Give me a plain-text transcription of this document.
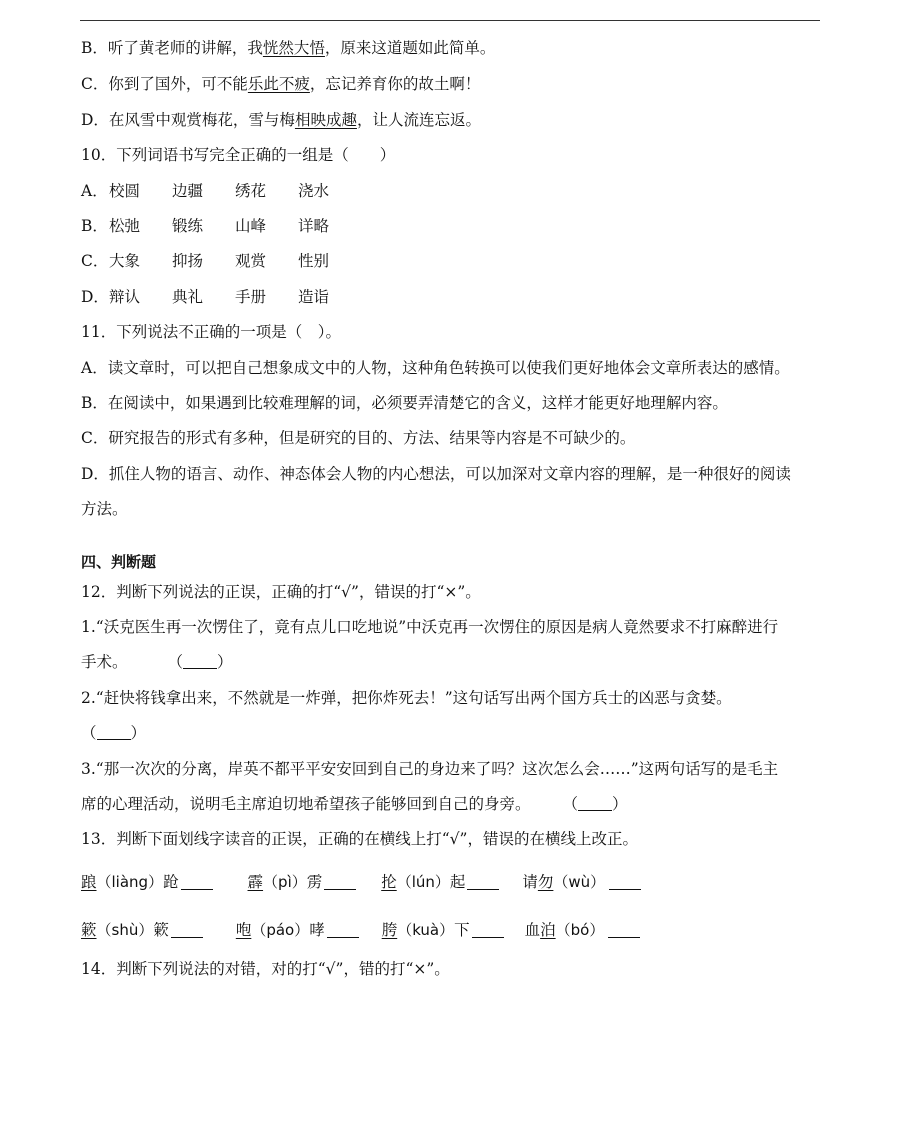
B．听了黄老师的讲解，我恍然大悟，原来这道题如此简单。
C．你到了国外，可不能乐此不疲，忘记养育你的故土啊！
D．在风雪中观赏梅花，雪与梅相映成趣，让人流连忘返。
10．下列词语书写完全正确的一组是（　　）
A．校圆 边疆 绣花 浇水
B．松弛 锻练 山峰 详略
C．大象 抑扬 观赏 性别
D．辩认 典礼 手册 造诣
11．下列说法不正确的一项是（　）。
A．读文章时，可以把自己想象成文中的人物，这种角色转换可以使我们更好地体会文章所表达的感情。
B．在阅读中，如果遇到比较难理解的词，必须要弄清楚它的含义，这样才能更好地理解内容。
C．研究报告的形式有多种，但是研究的目的、方法、结果等内容是不可缺少的。
D．抓住人物的语言、动作、神态体会人物的内心想法，可以加深对文章内容的理解，是一种很好的阅读
方法。
四、判断题
12．判断下列说法的正误，正确的打“√”，错误的打“×”。
1.“沃克医生再一次愣住了，竟有点儿口吃地说”中沃克再一次愣住的原因是病人竟然要求不打麻醉进行
手术。	（ ）
2.“赶快将钱拿出来，不然就是一炸弹，把你炸死去！”这句话写出两个国方兵士的凶恶与贪婪。
（ ）
3.“那一次次的分离，岸英不都平平安安回到自己的身边来了吗？这次怎么会……”这两句话写的是毛主
席的心理活动，说明毛主席迫切地希望孩子能够回到自己的身旁。 （ ）
13．判断下面划线字读音的正误，正确的在横线上打“√”，错误的在横线上改正。
踉（liàng）跄	霹（pì）雳	抡（lún）起	请勿（wù）
簌（shù）簌	咆（páo）哮	胯（kuà）下	血泊（bó）
14．判断下列说法的对错，对的打“√”，错的打“×”。
